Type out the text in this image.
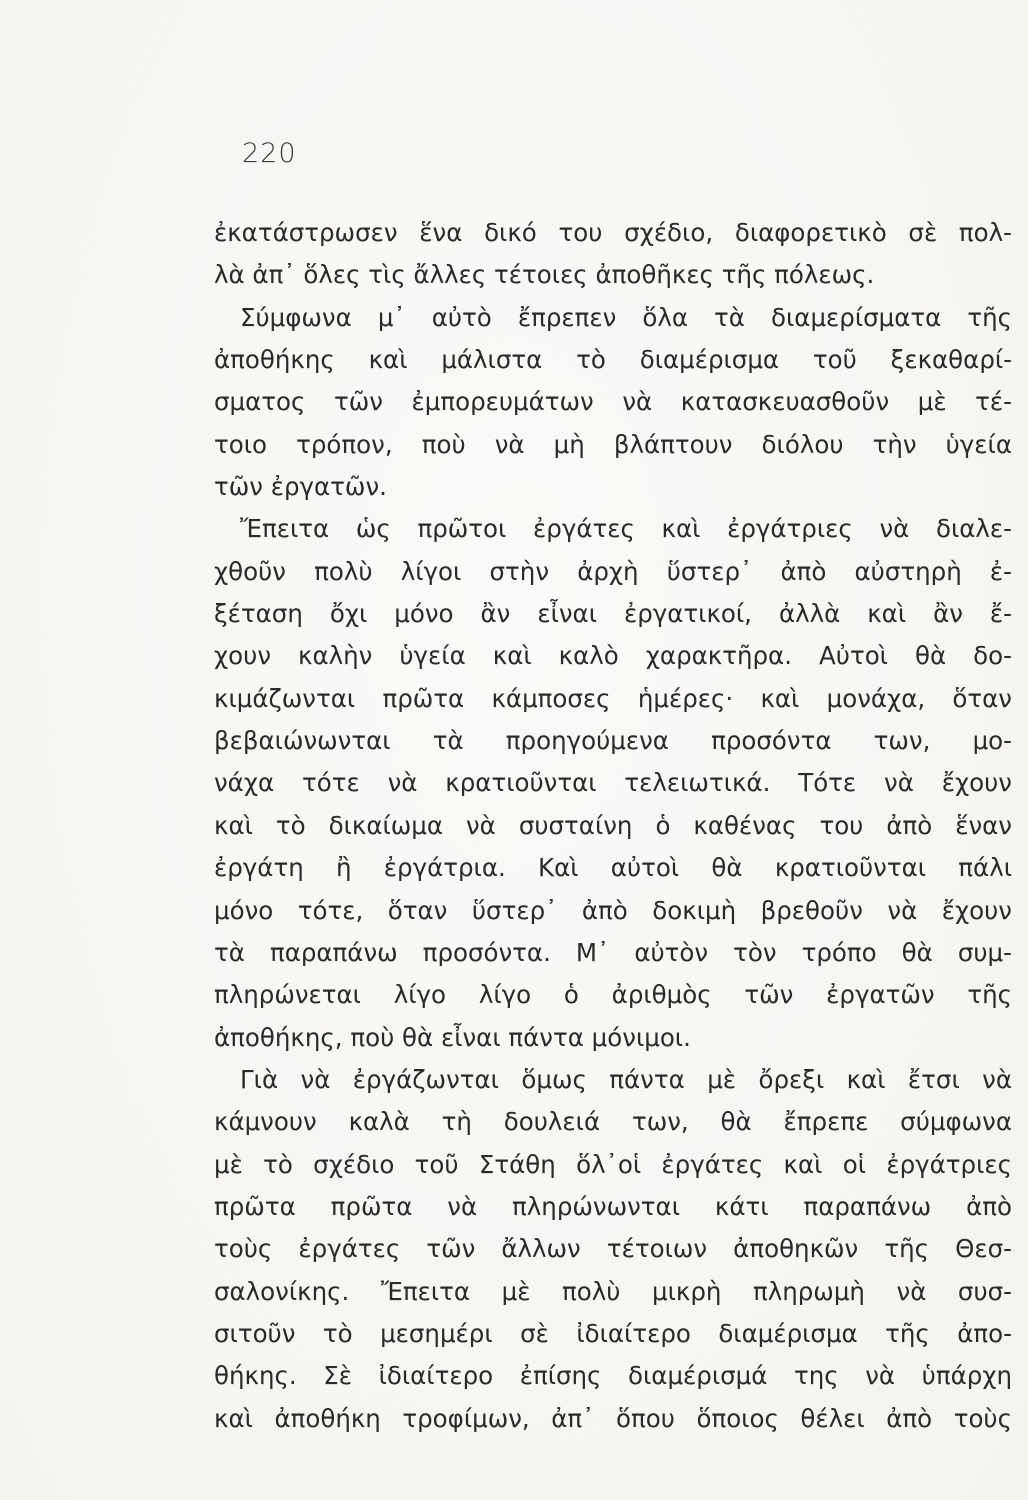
220
ἐκατάστρωσεν ἕνα δικό του σχέδιο, διαφορετικὸ σὲ πολ-
λὰ ἀπ᾽ ὅλες τὶς ἄλλες τέτοιες ἀποθῆκες τῆς πόλεως.
Σύμφωνα μ᾽ αὐτὸ ἔπρεπεν ὅλα τὰ διαμερίσματα τῆς
ἀποθήκης καὶ μάλιστα τὸ διαμέρισμα τοῦ ξεκαθαρί-
σματος τῶν ἐμπορευμάτων νὰ κατασκευασθοῦν μὲ τέ-
τοιο τρόπον, ποὺ νὰ μὴ βλάπτουν διόλου τὴν ὑγεία
τῶν ἐργατῶν.
Ἔπειτα ὡς πρῶτοι ἐργάτες καὶ ἐργάτριες νὰ διαλε-
χθοῦν πολὺ λίγοι στὴν ἀρχὴ ὕστερ᾽ ἀπὸ αὐστηρὴ ἐ-
ξέταση ὄχι μόνο ἂν εἶναι ἐργατικοί, ἀλλὰ καὶ ἂν ἔ-
χουν καλὴν ὑγεία καὶ καλὸ χαρακτῆρα. Αὐτοὶ θὰ δο-
κιμάζωνται πρῶτα κάμποσες ἡμέρες· καὶ μονάχα, ὅταν
βεβαιώνωνται τὰ προηγούμενα προσόντα των, μο-
νάχα τότε νὰ κρατιοῦνται τελειωτικά. Τότε νὰ ἔχουν
καὶ τὸ δικαίωμα νὰ συσταίνη ὁ καθένας του ἀπὸ ἕναν
ἐργάτη ἢ ἐργάτρια. Καὶ αὐτοὶ θὰ κρατιοῦνται πάλι
μόνο τότε, ὅταν ὕστερ᾽ ἀπὸ δοκιμὴ βρεθοῦν νὰ ἔχουν
τὰ παραπάνω προσόντα. Μ᾽ αὐτὸν τὸν τρόπο θὰ συμ-
πληρώνεται λίγο λίγο ὁ ἀριθμὸς τῶν ἐργατῶν τῆς
ἀποθήκης, ποὺ θὰ εἶναι πάντα μόνιμοι.
Γιὰ νὰ ἐργάζωνται ὅμως πάντα μὲ ὄρεξι καὶ ἔτσι νὰ
κάμνουν καλὰ τὴ δουλειά των, θὰ ἔπρεπε σύμφωνα
μὲ τὸ σχέδιο τοῦ Στάθη ὅλ᾽οἱ ἐργάτες καὶ οἱ ἐργάτριες
πρῶτα πρῶτα νὰ πληρώνωνται κάτι παραπάνω ἀπὸ
τοὺς ἐργάτες τῶν ἄλλων τέτοιων ἀποθηκῶν τῆς Θεσ-
σαλονίκης. Ἔπειτα μὲ πολὺ μικρὴ πληρωμὴ νὰ συσ-
σιτοῦν τὸ μεσημέρι σὲ ἰδιαίτερο διαμέρισμα τῆς ἀπο-
θήκης. Σὲ ἰδιαίτερο ἐπίσης διαμέρισμά της νὰ ὑπάρχη
καὶ ἀποθήκη τροφίμων, ἀπ᾽ ὅπου ὅποιος θέλει ἀπὸ τοὺς
